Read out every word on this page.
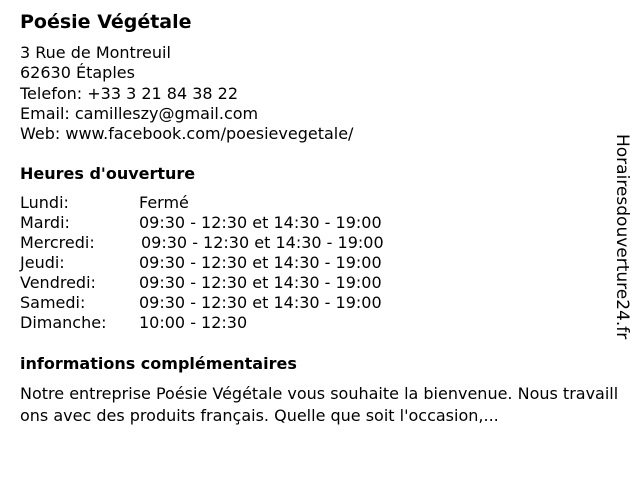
Poésie Végétale
3 Rue de Montreuil
62630 Étaples
Telefon: +33 3 21 84 38 22
Email: camilleszy@gmail.com
Web: www.facebook.com/poesievegetale/
Heures d'ouverture
Lundi:	Fermé
Mardi:	09:30 - 12:30 et 14:30 - 19:00
Mercredi:	09:30 - 12:30 et 14:30 - 19:00
Jeudi:	09:30 - 12:30 et 14:30 - 19:00
Vendredi:	09:30 - 12:30 et 14:30 - 19:00
Samedi:	09:30 - 12:30 et 14:30 - 19:00
Dimanche: 10:00 - 12:30
informations complémentaires
Notre entreprise Poésie Végétale vous souhaite la bienvenue. Nous travaillons avec des produits français. Quelle que soit l'occasion,...
Horairesdouverture24.fr
